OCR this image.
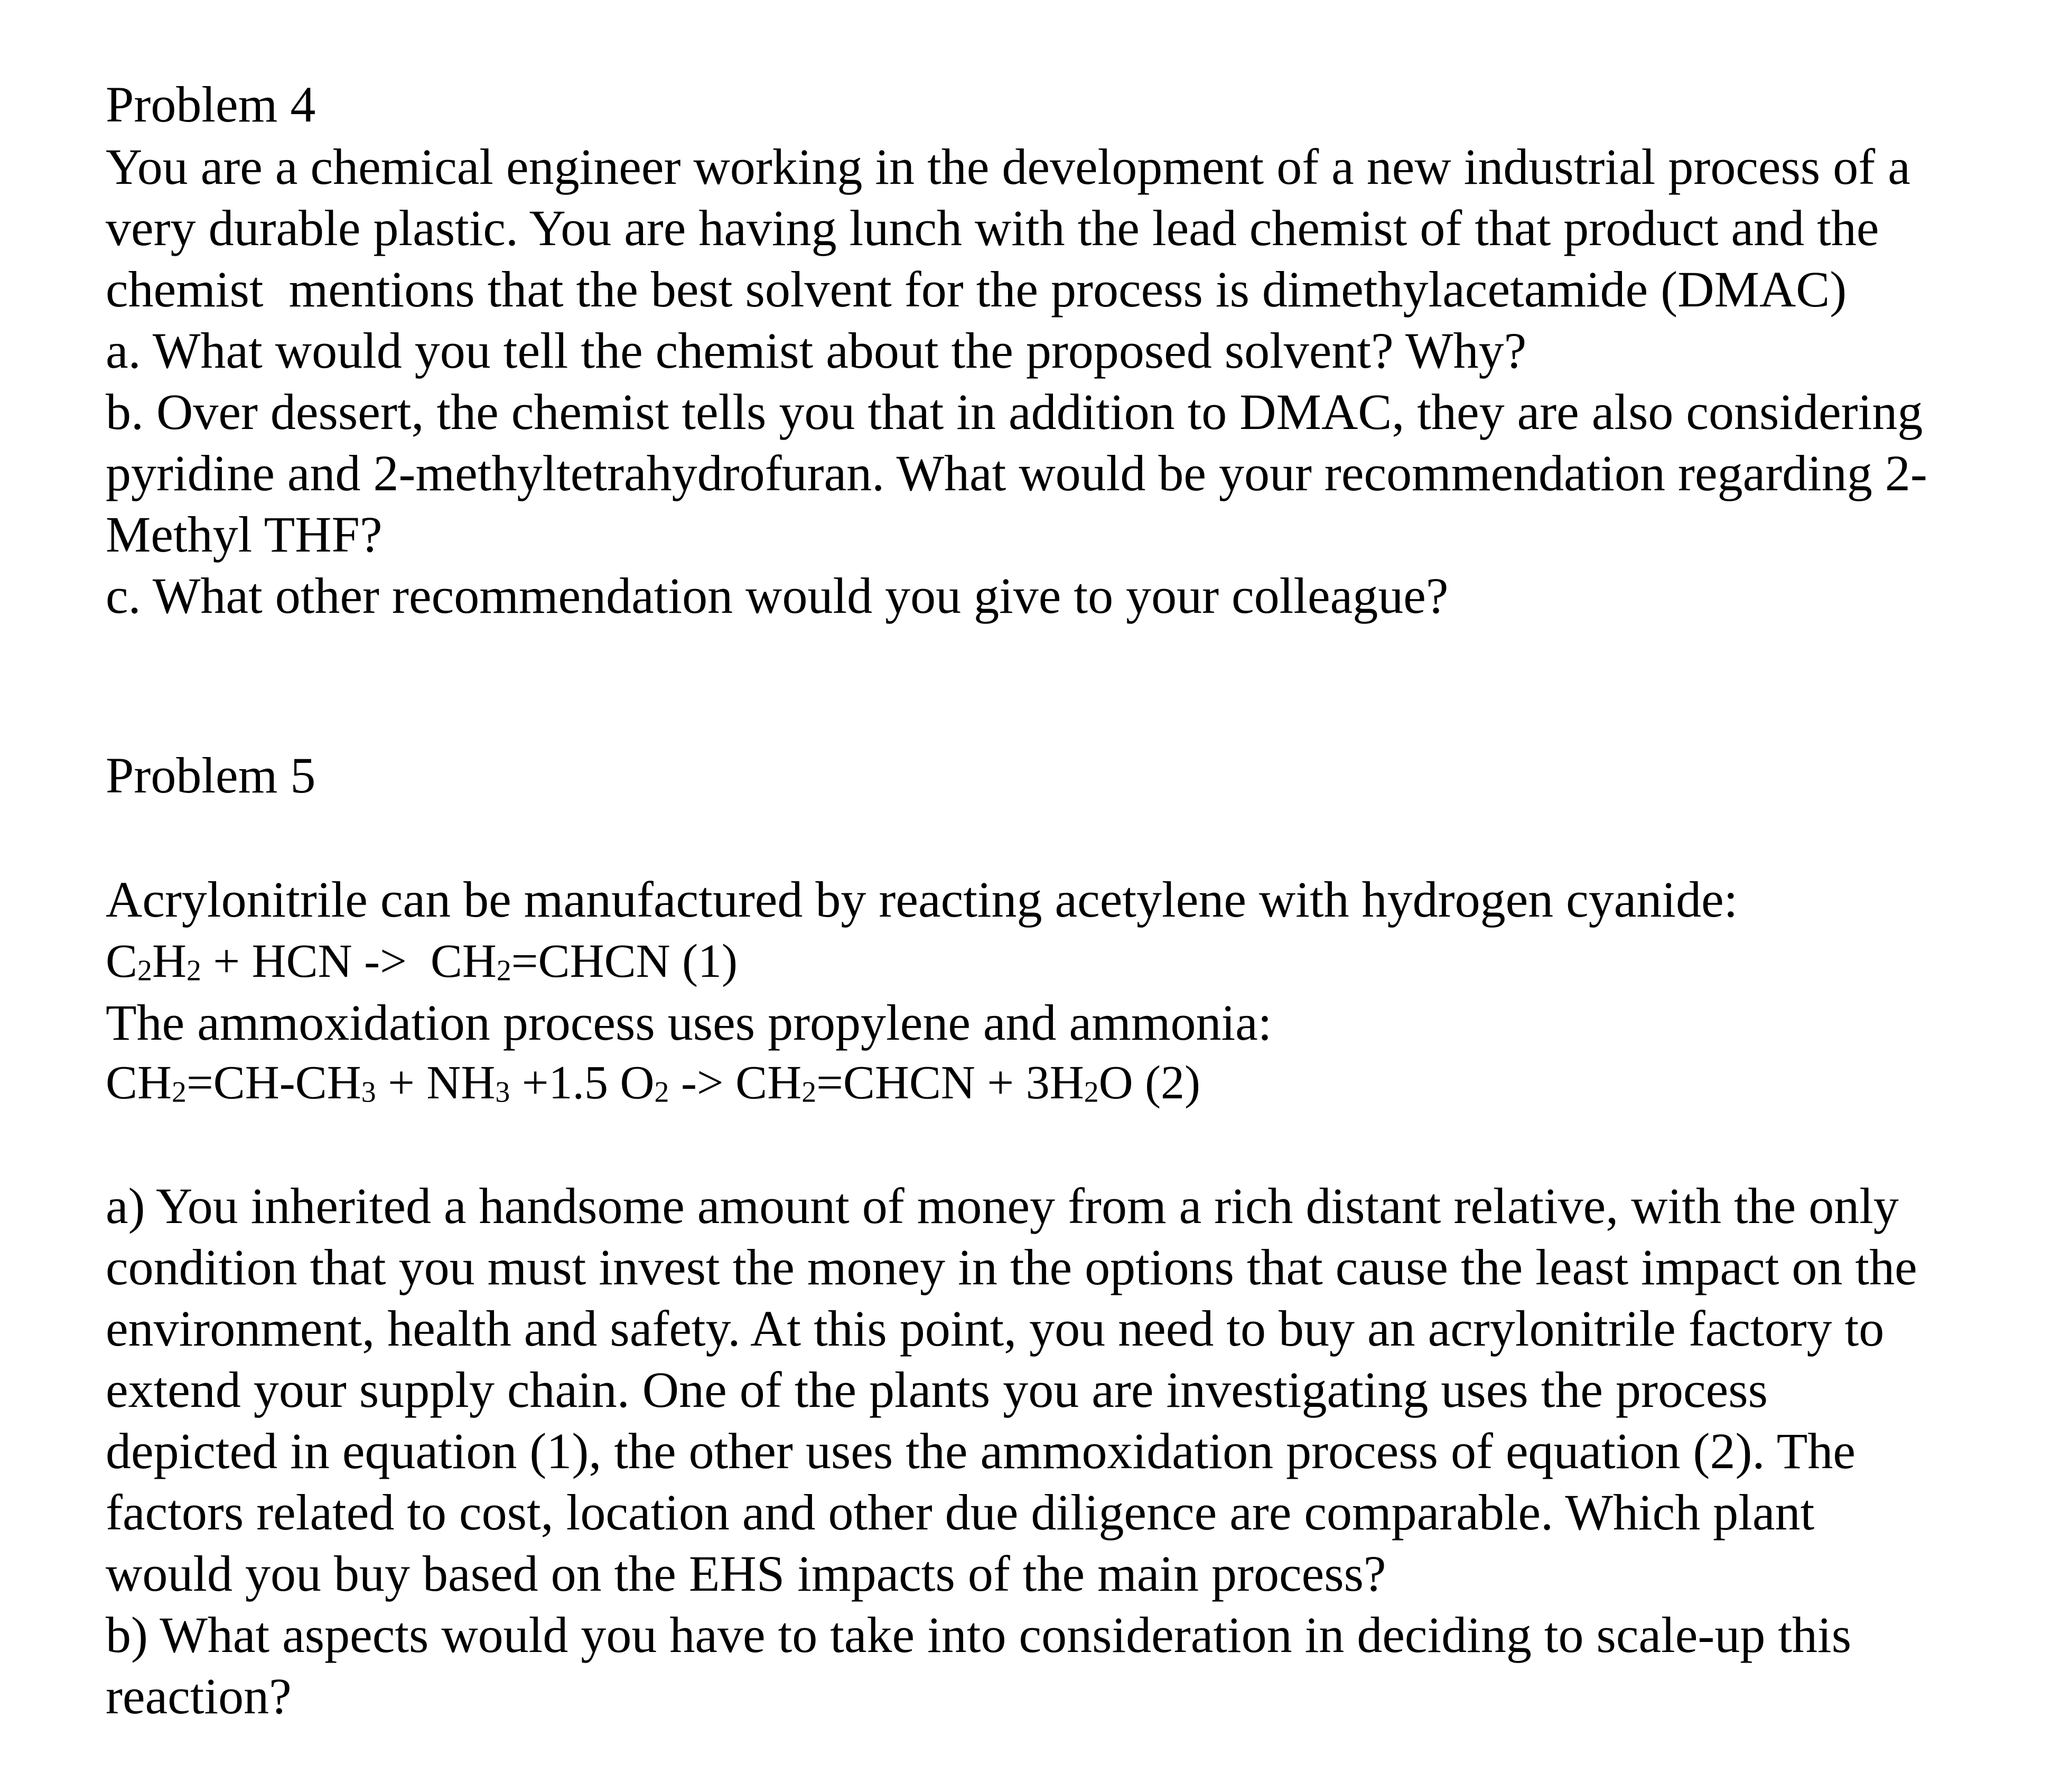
Problem 4
You are a chemical engineer working in the development of a new industrial process of a
very durable plastic. You are having lunch with the lead chemist of that product and the
chemist  mentions that the best solvent for the process is dimethylacetamide (DMAC)
a. What would you tell the chemist about the proposed solvent? Why?
b. Over dessert, the chemist tells you that in addition to DMAC, they are also considering
pyridine and 2-methyltetrahydrofuran. What would be your recommendation regarding 2-
Methyl THF?
c. What other recommendation would you give to your colleague?
Problem 5
Acrylonitrile can be manufactured by reacting acetylene with hydrogen cyanide:
$C_2H_2$ + HCN ->  $CH_2=CHCN$ (1)
The ammoxidation process uses propylene and ammonia:
$CH_2=CH-CH_3 + NH_3 +1.5$ $O_2$ -> $CH_2=CHCN + 3H_2O$ (2)
a) You inherited a handsome amount of money from a rich distant relative, with the only
condition that you must invest the money in the options that cause the least impact on the
environment, health and safety. At this point, you need to buy an acrylonitrile factory to
extend your supply chain. One of the plants you are investigating uses the process
depicted in equation (1), the other uses the ammoxidation process of equation (2). The
factors related to cost, location and other due diligence are comparable. Which plant
would you buy based on the EHS impacts of the main process?
b) What aspects would you have to take into consideration in deciding to scale-up this
reaction?
